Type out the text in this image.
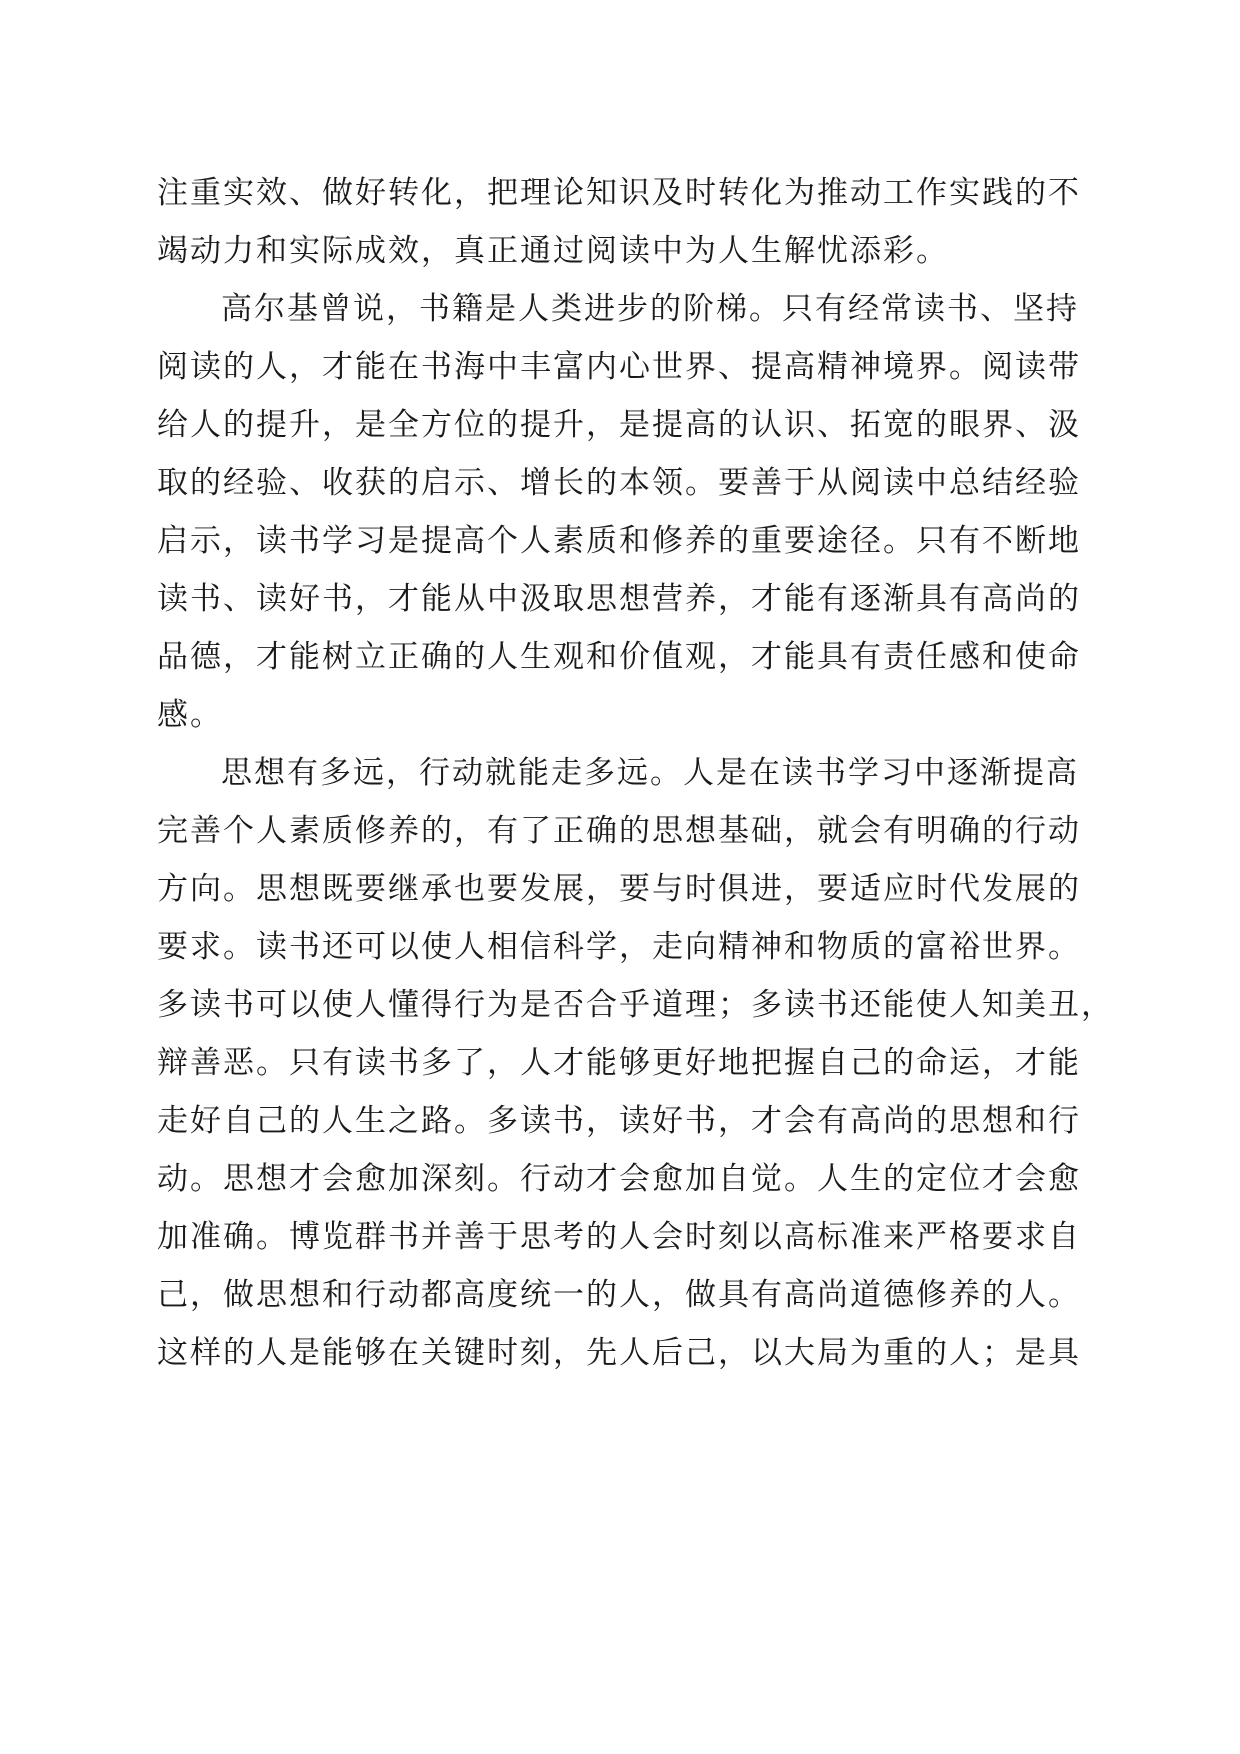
注重实效、做好转化，把理论知识及时转化为推动工作实践的不
竭动力和实际成效，真正通过阅读中为人生解忧添彩。
高尔基曾说，书籍是人类进步的阶梯。只有经常读书、坚持
阅读的人，才能在书海中丰富内心世界、提高精神境界。阅读带
给人的提升，是全方位的提升，是提高的认识、拓宽的眼界、汲
取的经验、收获的启示、增长的本领。要善于从阅读中总结经验
启示，读书学习是提高个人素质和修养的重要途径。只有不断地
读书、读好书，才能从中汲取思想营养，才能有逐渐具有高尚的
品德，才能树立正确的人生观和价值观，才能具有责任感和使命
感。
思想有多远，行动就能走多远。人是在读书学习中逐渐提高
完善个人素质修养的，有了正确的思想基础，就会有明确的行动
方向。思想既要继承也要发展，要与时俱进，要适应时代发展的
要求。读书还可以使人相信科学，走向精神和物质的富裕世界。
多读书可以使人懂得行为是否合乎道理；多读书还能使人知美丑，
辩善恶。只有读书多了，人才能够更好地把握自己的命运，才能
走好自己的人生之路。多读书，读好书，才会有高尚的思想和行
动。思想才会愈加深刻。行动才会愈加自觉。人生的定位才会愈
加准确。博览群书并善于思考的人会时刻以高标准来严格要求自
己，做思想和行动都高度统一的人，做具有高尚道德修养的人。
这样的人是能够在关键时刻，先人后己，以大局为重的人；是具
